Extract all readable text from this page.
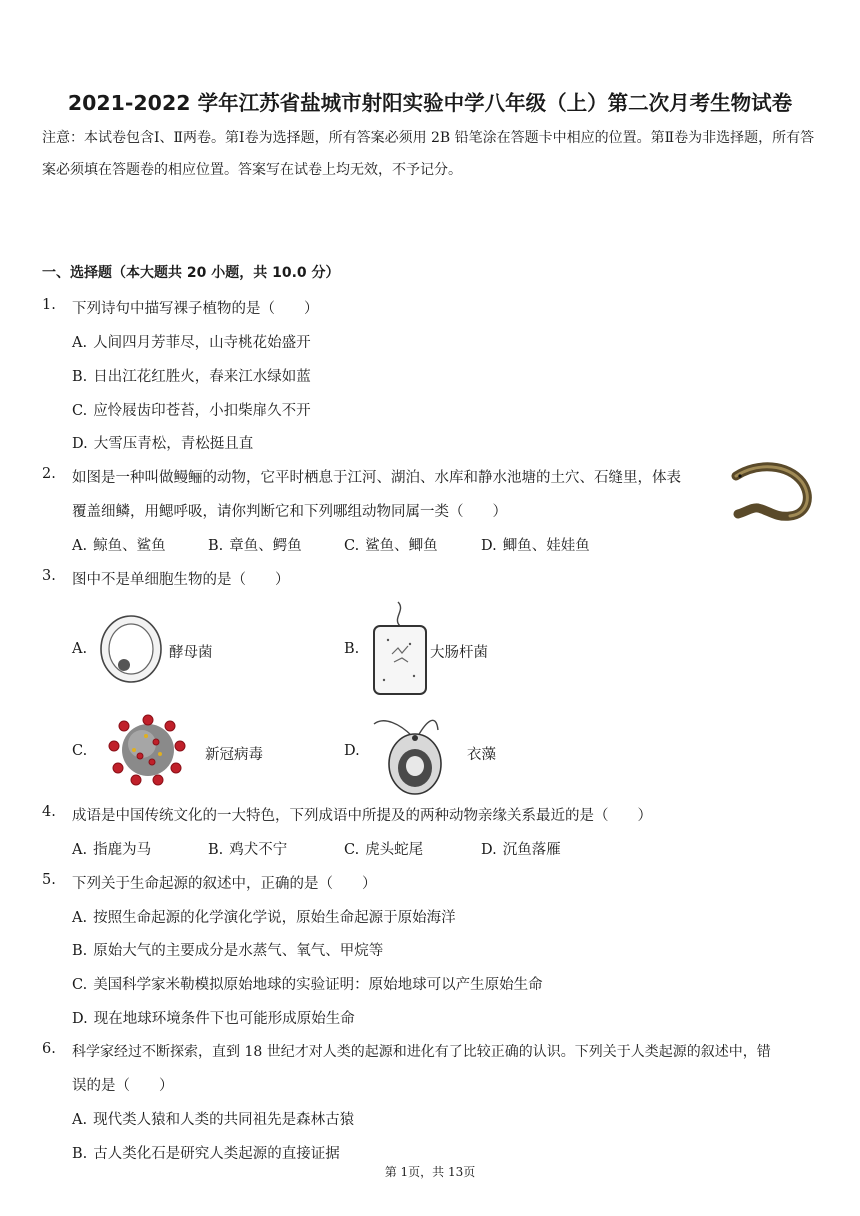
2021-2022 学年江苏省盐城市射阳实验中学八年级（上）第二次月考生物试卷
注意：本试卷包含Ⅰ、Ⅱ两卷。第Ⅰ卷为选择题，所有答案必须用 2B 铅笔涂在答题卡中相应的位置。第Ⅱ卷为非选择题，所有答案必须填在答题卷的相应位置。答案写在试卷上均无效，不予记分。
一、选择题（本大题共 20 小题，共 10.0 分）
1. 下列诗句中描写裸子植物的是（　　）
A. 人间四月芳菲尽，山寺桃花始盛开
B. 日出江花红胜火，春来江水绿如蓝
C. 应怜屐齿印苍苔，小扣柴扉久不开
D. 大雪压青松，青松挺且直
2. 如图是一种叫做鳗鲡的动物，它平时栖息于江河、湖泊、水库和静水池塘的土穴、石缝里，体表
覆盖细鳞，用鳃呼吸，请你判断它和下列哪组动物同属一类（　　）
A. 鲸鱼、鲨鱼	B. 章鱼、鳄鱼	C. 鲨鱼、鲫鱼	D. 鲫鱼、娃娃鱼
3. 图中不是单细胞生物的是（　　）
A.	酵母菌	B.	大肠杆菌
C.	新冠病毒	D.	衣藻
4. 成语是中国传统文化的一大特色，下列成语中所提及的两种动物亲缘关系最近的是（　　）
A. 指鹿为马	B. 鸡犬不宁	C. 虎头蛇尾	D. 沉鱼落雁
5. 下列关于生命起源的叙述中，正确的是（　　）
A. 按照生命起源的化学演化学说，原始生命起源于原始海洋
B. 原始大气的主要成分是水蒸气、氧气、甲烷等
C. 美国科学家米勒模拟原始地球的实验证明：原始地球可以产生原始生命
D. 现在地球环境条件下也可能形成原始生命
6. 科学家经过不断探索，直到 18 世纪才对人类的起源和进化有了比较正确的认识。下列关于人类起源的叙述中，错
误的是（　　）
A. 现代类人猿和人类的共同祖先是森林古猿
B. 古人类化石是研究人类起源的直接证据
第 1页，共 13页
